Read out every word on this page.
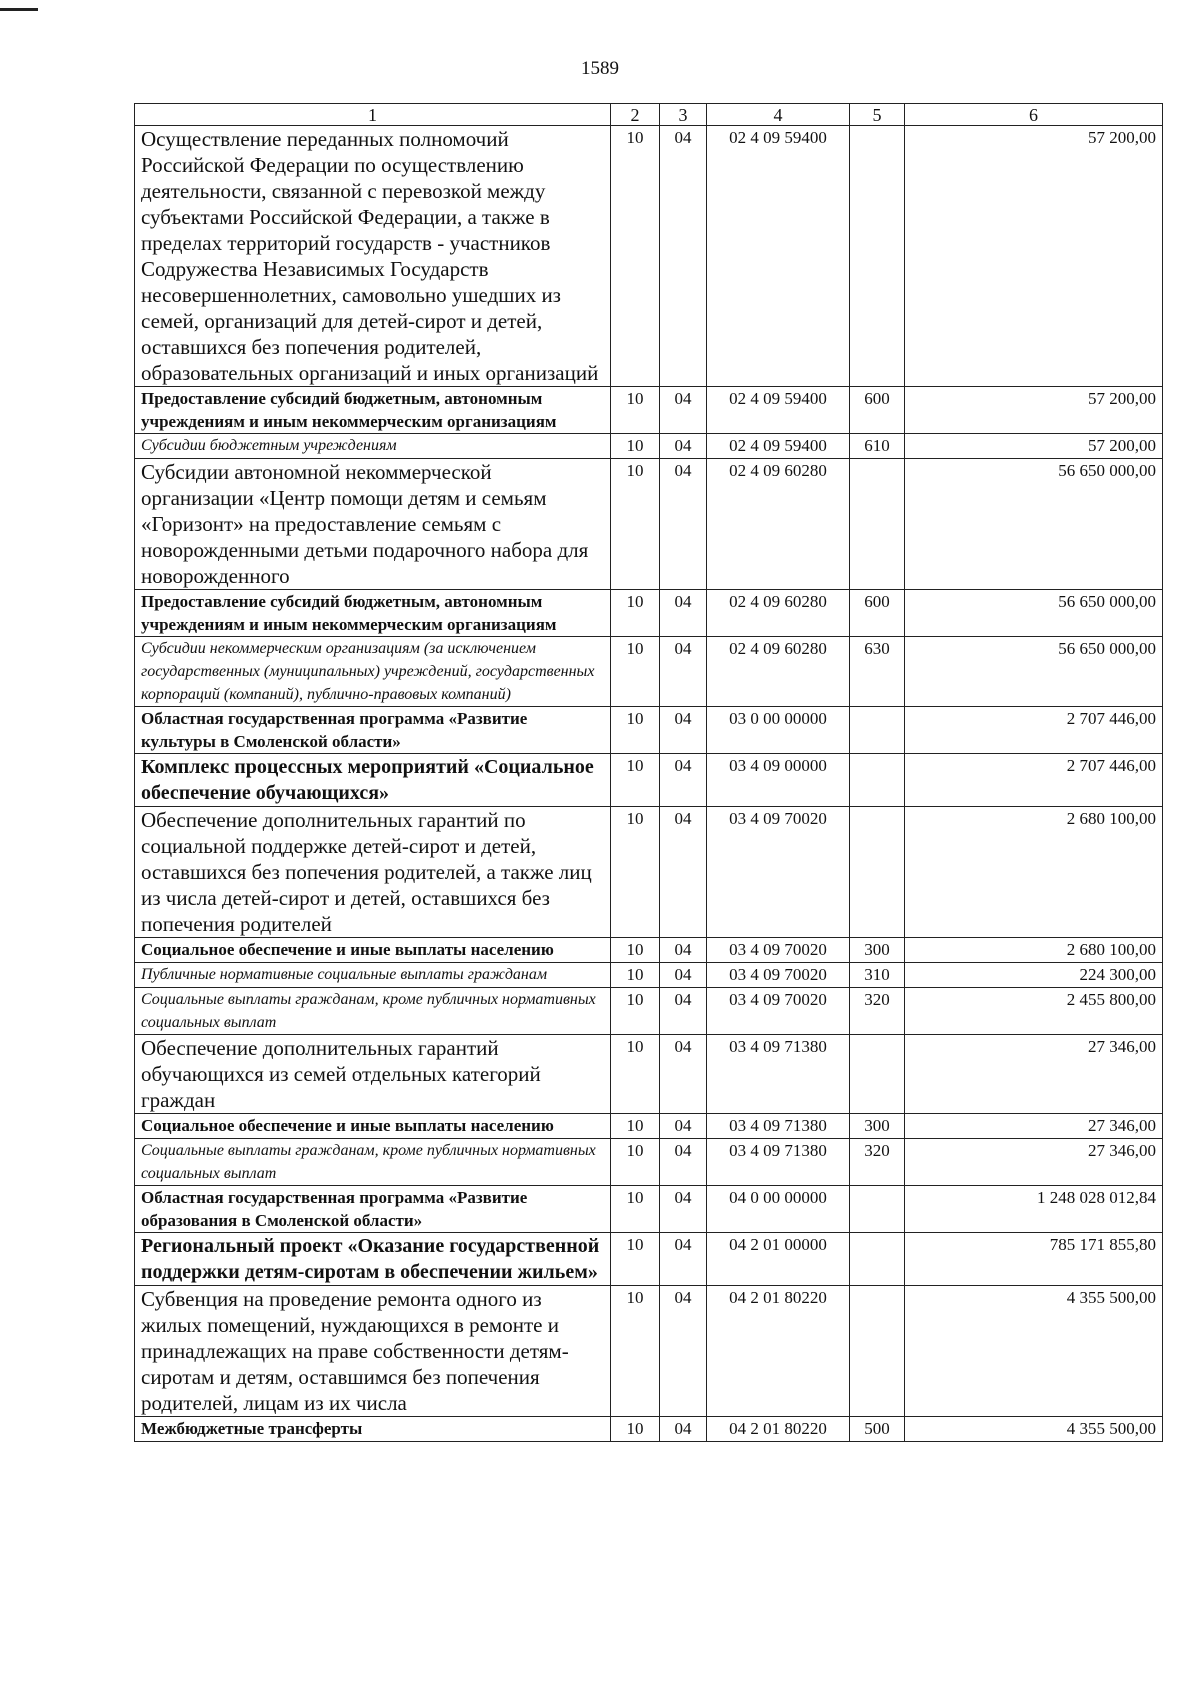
1589
1	2	3	4	5	6
Осуществление переданных полномочий Российской Федерации по осуществлению деятельности, связанной с перевозкой между субъектами Российской Федерации, а также в пределах территорий государств - участников Содружества Независимых Государств несовершеннолетних, самовольно ушедших из семей, организаций для детей-сирот и детей, оставшихся без попечения родителей, образовательных организаций и иных организаций	10	04	02 4 09 59400		57 200,00
Предоставление субсидий бюджетным, автономным учреждениям и иным некоммерческим организациям	10	04	02 4 09 59400	600	57 200,00
Субсидии бюджетным учреждениям	10	04	02 4 09 59400	610	57 200,00
Субсидии автономной некоммерческой организации «Центр помощи детям и семьям «Горизонт» на предоставление семьям с новорожденными детьми подарочного набора для новорожденного	10	04	02 4 09 60280		56 650 000,00
Предоставление субсидий бюджетным, автономным учреждениям и иным некоммерческим организациям	10	04	02 4 09 60280	600	56 650 000,00
Субсидии некоммерческим организациям (за исключением государственных (муниципальных) учреждений, государственных корпораций (компаний), публично-правовых компаний)	10	04	02 4 09 60280	630	56 650 000,00
Областная государственная программа «Развитие культуры в Смоленской области»	10	04	03 0 00 00000		2 707 446,00
Комплекс процессных мероприятий «Социальное обеспечение обучающихся»	10	04	03 4 09 00000		2 707 446,00
Обеспечение дополнительных гарантий по социальной поддержке детей-сирот и детей, оставшихся без попечения родителей, а также лиц из числа детей-сирот и детей, оставшихся без попечения родителей	10	04	03 4 09 70020		2 680 100,00
Социальное обеспечение и иные выплаты населению	10	04	03 4 09 70020	300	2 680 100,00
Публичные нормативные социальные выплаты гражданам	10	04	03 4 09 70020	310	224 300,00
Социальные выплаты гражданам, кроме публичных нормативных социальных выплат	10	04	03 4 09 70020	320	2 455 800,00
Обеспечение дополнительных гарантий обучающихся из семей отдельных категорий граждан	10	04	03 4 09 71380		27 346,00
Социальное обеспечение и иные выплаты населению	10	04	03 4 09 71380	300	27 346,00
Социальные выплаты гражданам, кроме публичных нормативных социальных выплат	10	04	03 4 09 71380	320	27 346,00
Областная государственная программа «Развитие образования в Смоленской области»	10	04	04 0 00 00000		1 248 028 012,84
Региональный проект «Оказание государственной поддержки детям-сиротам в обеспечении жильем»	10	04	04 2 01 00000		785 171 855,80
Субвенция на проведение ремонта одного из жилых помещений, нуждающихся в ремонте и принадлежащих на праве собственности детям-сиротам и детям, оставшимся без попечения родителей, лицам из их числа	10	04	04 2 01 80220		4 355 500,00
Межбюджетные трансферты	10	04	04 2 01 80220	500	4 355 500,00
